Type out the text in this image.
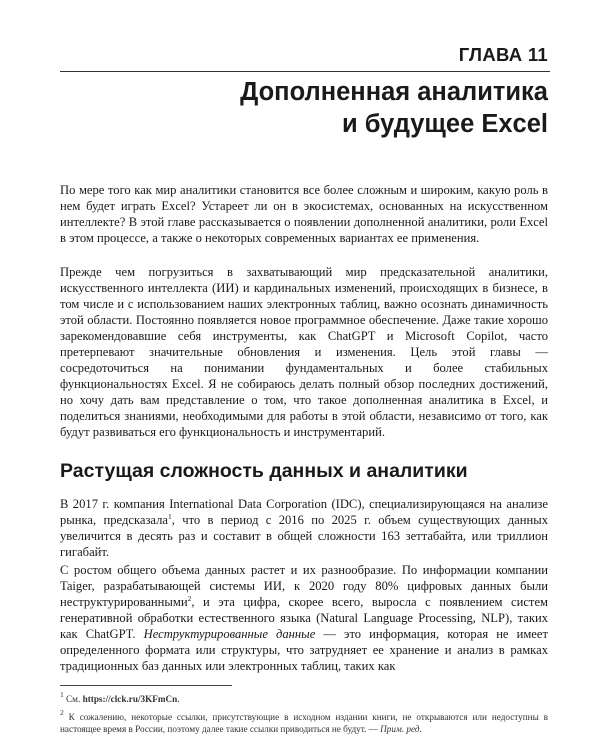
ГЛАВА 11
Дополненная аналитика
и будущее Excel

По мере того как мир аналитики становится все более сложным и широким, какую роль в нем будет играть Excel? Устареет ли он в экосистемах, основанных на искусственном интеллекте? В этой главе рассказывается о появлении дополненной аналитики, роли Excel в этом процессе, а также о некоторых современных вариантах ее применения.

Прежде чем погрузиться в захватывающий мир предсказательной аналитики, искусственного интеллекта (ИИ) и кардинальных изменений, происходящих в бизнесе, в том числе и с использованием наших электронных таблиц, важно осознать динамичность этой области. Постоянно появляется новое программное обеспечение. Даже такие хорошо зарекомендовавшие себя инструменты, как ChatGPT и Microsoft Copilot, часто претерпевают значительные обновления и изменения. Цель этой главы — сосредоточиться на понимании фундаментальных и более стабильных функциональностях Excel. Я не собираюсь делать полный обзор последних достижений, но хочу дать вам представление о том, что такое дополненная аналитика в Excel, и поделиться знаниями, необходимыми для работы в этой области, независимо от того, как будут развиваться его функциональность и инструментарий.

Растущая сложность данных и аналитики

В 2017 г. компания International Data Corporation (IDC), специализирующаяся на анализе рынка, предсказала$^1$, что в период с 2016 по 2025 г. объем существующих данных увеличится в десять раз и составит в общей сложности 163 зеттабайта, или триллион гигабайт.

С ростом общего объема данных растет и их разнообразие. По информации компании Taiger, разрабатывающей системы ИИ, к 2020 году 80% цифровых данных были неструктурированными$^2$, и эта цифра, скорее всего, выросла с появлением систем генеративной обработки естественного языка (Natural Language Processing, NLP), таких как ChatGPT. Неструктурированные данные — это информация, которая не имеет определенного формата или структуры, что затрудняет ее хранение и анализ в рамках традиционных баз данных или электронных таблиц, таких как

$^1$ См. https://clck.ru/3KFmCn.
$^2$ К сожалению, некоторые ссылки, присутствующие в исходном издании книги, не открываются или недоступны в настоящее время в России, поэтому далее такие ссылки приводиться не будут. — Прим. ред.
